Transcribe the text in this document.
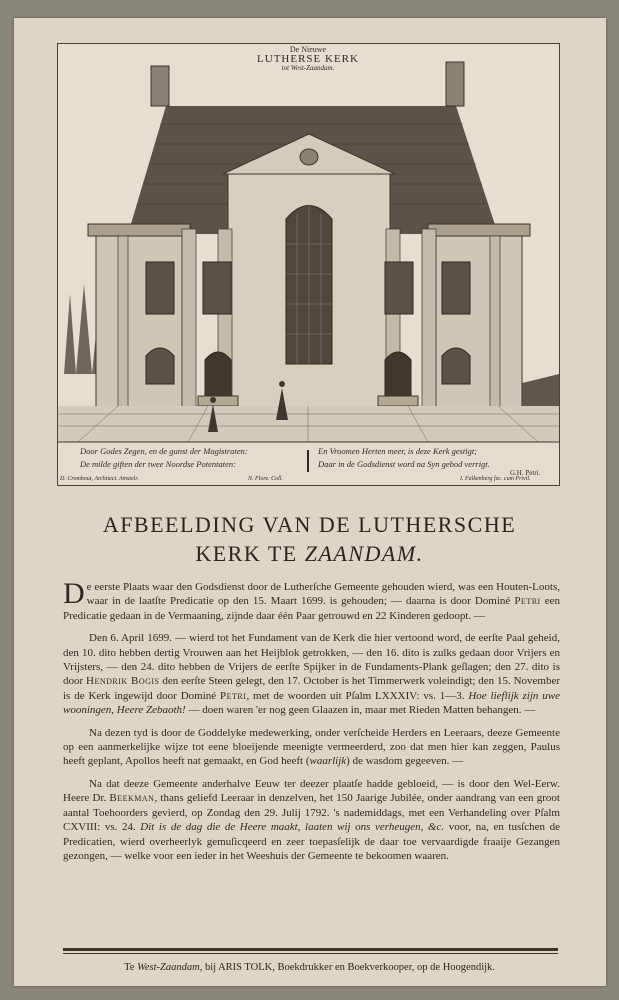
De Nieuwe
LUTHERSE KERK
tot West-Zaandam.
Door Godes Zegen, en de gunst der Magistraten:
De milde giften der twee Noordse Potentaten:
En Vroomen Herten meer, is deze Kerk gestigt;
Daar in de Godsdienst word na Syn gebod verrigt.
G.H. Petri.
D. Cromhout, Architect. Amstelr.	N. Flore. Coll.	I. Falkenberg fec. cum Privil.
AFBEELDING VAN DE LUTHERSCHE
KERK TE ZAANDAM.

De eerste Plaats waar den Godsdienst door de Lutherſche Gemeente gehouden wierd, was een Houten-Loots, waar in de laatſte Predicatie op den 15. Maart 1699. is gehouden; — daarna is door Dominé Petri een Predicatie gedaan in de Vermaaning, zijnde daar één Paar getrouwd en 22 Kinderen gedoopt. —

Den 6. April 1699. — wierd tot het Fundament van de Kerk die hier vertoond word, de eerſte Paal geheid, den 10. dito hebben dertig Vrouwen aan het Heijblok getrokken, — den 16. dito is zulks gedaan door Vrijers en Vrijsters, — den 24. dito hebben de Vrijers de eerſte Spijker in de Fundaments-Plank geſlagen; den 27. dito is door Hendrik Bogis den eerſte Steen gelegt, den 17. October is het Timmerwerk voleindigt; den 15. November is de Kerk ingewijd door Dominé Petri, met de woorden uit Pſalm LXXXIV: vs. 1—3. Hoe lieflijk zijn uwe wooningen, Heere Zebaoth! — doen waren 'er nog geen Glaazen in, maar met Rieden Matten behangen. —

Na dezen tyd is door de Goddelyke medewerking, onder verſcheide Herders en Leeraars, deeze Gemeente op een aanmerkelijke wijze tot eene bloeijende meenigte vermeerderd, zoo dat men hier kan zeggen, Paulus heeft geplant, Apollos heeft nat gemaakt, en God heeft (waarlijk) de wasdom gegeeven. —

Na dat deeze Gemeente anderhalve Eeuw ter deezer plaatſe hadde gebloeid, — is door den Wel-Eerw. Heere Dr. Beekman, thans geliefd Leeraar in denzelven, het 150 Jaarige Jubilée, onder aandrang van een groot aantal Toehoorders gevierd, op Zondag den 29. Julij 1792. 's nademiddags, met een Verhandeling over Pſalm CXVIII: vs. 24. Dit is de dag die de Heere maakt, laaten wij ons verheugen, &c. voor, na, en tusſchen de Predicatien, wierd overheerlyk gemuſicqeerd en zeer toepasſelijk de daar toe vervaardigde fraaije Gezangen gezongen, — welke voor een ieder in het Weeshuis der Gemeente te bekoomen waaren.

Te West-Zaandam, bij ARIS TOLK, Boekdrukker en Boekverkooper, op de Hoogendijk.
